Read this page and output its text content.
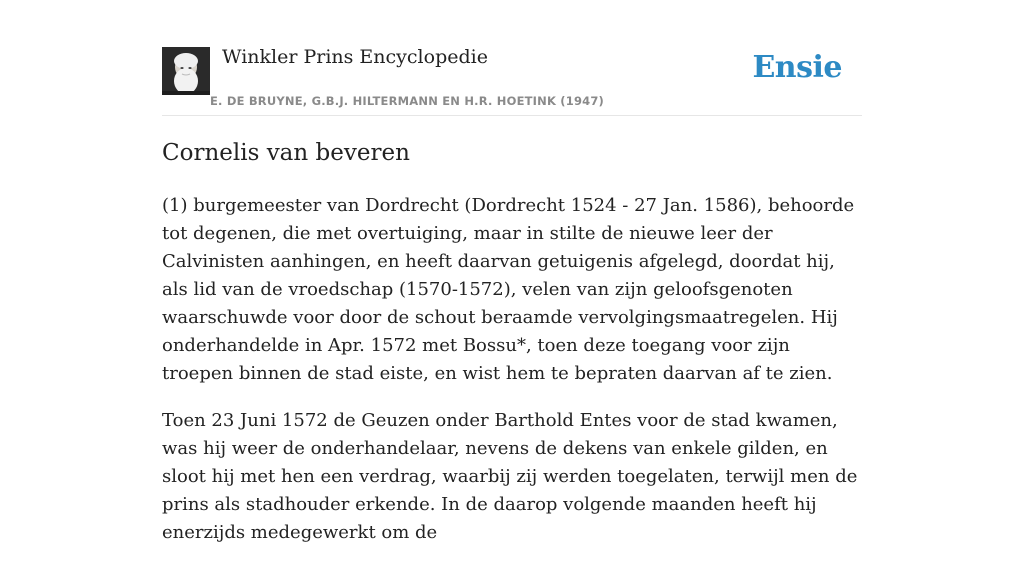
Winkler Prins Encyclopedie
E. DE BRUYNE, G.B.J. HILTERMANN EN H.R. HOETINK (1947)
Ensie
Cornelis van beveren

(1) burgemeester van Dordrecht (Dordrecht 1524 - 27 Jan. 1586), behoorde tot degenen, die met overtuiging, maar in stilte de nieuwe leer der Calvinisten aanhingen, en heeft daarvan getuigenis afgelegd, doordat hij, als lid van de vroedschap (1570-1572), velen van zijn geloofsgenoten waarschuwde voor door de schout beraamde vervolgingsmaatregelen. Hij onderhandelde in Apr. 1572 met Bossu*, toen deze toegang voor zijn troepen binnen de stad eiste, en wist hem te bepraten daarvan af te zien.

Toen 23 Juni 1572 de Geuzen onder Barthold Entes voor de stad kwamen, was hij weer de onderhandelaar, nevens de dekens van enkele gilden, en sloot hij met hen een verdrag, waarbij zij werden toegelaten, terwijl men de prins als stadhouder erkende. In de daarop volgende maanden heeft hij enerzijds medegewerkt om de
